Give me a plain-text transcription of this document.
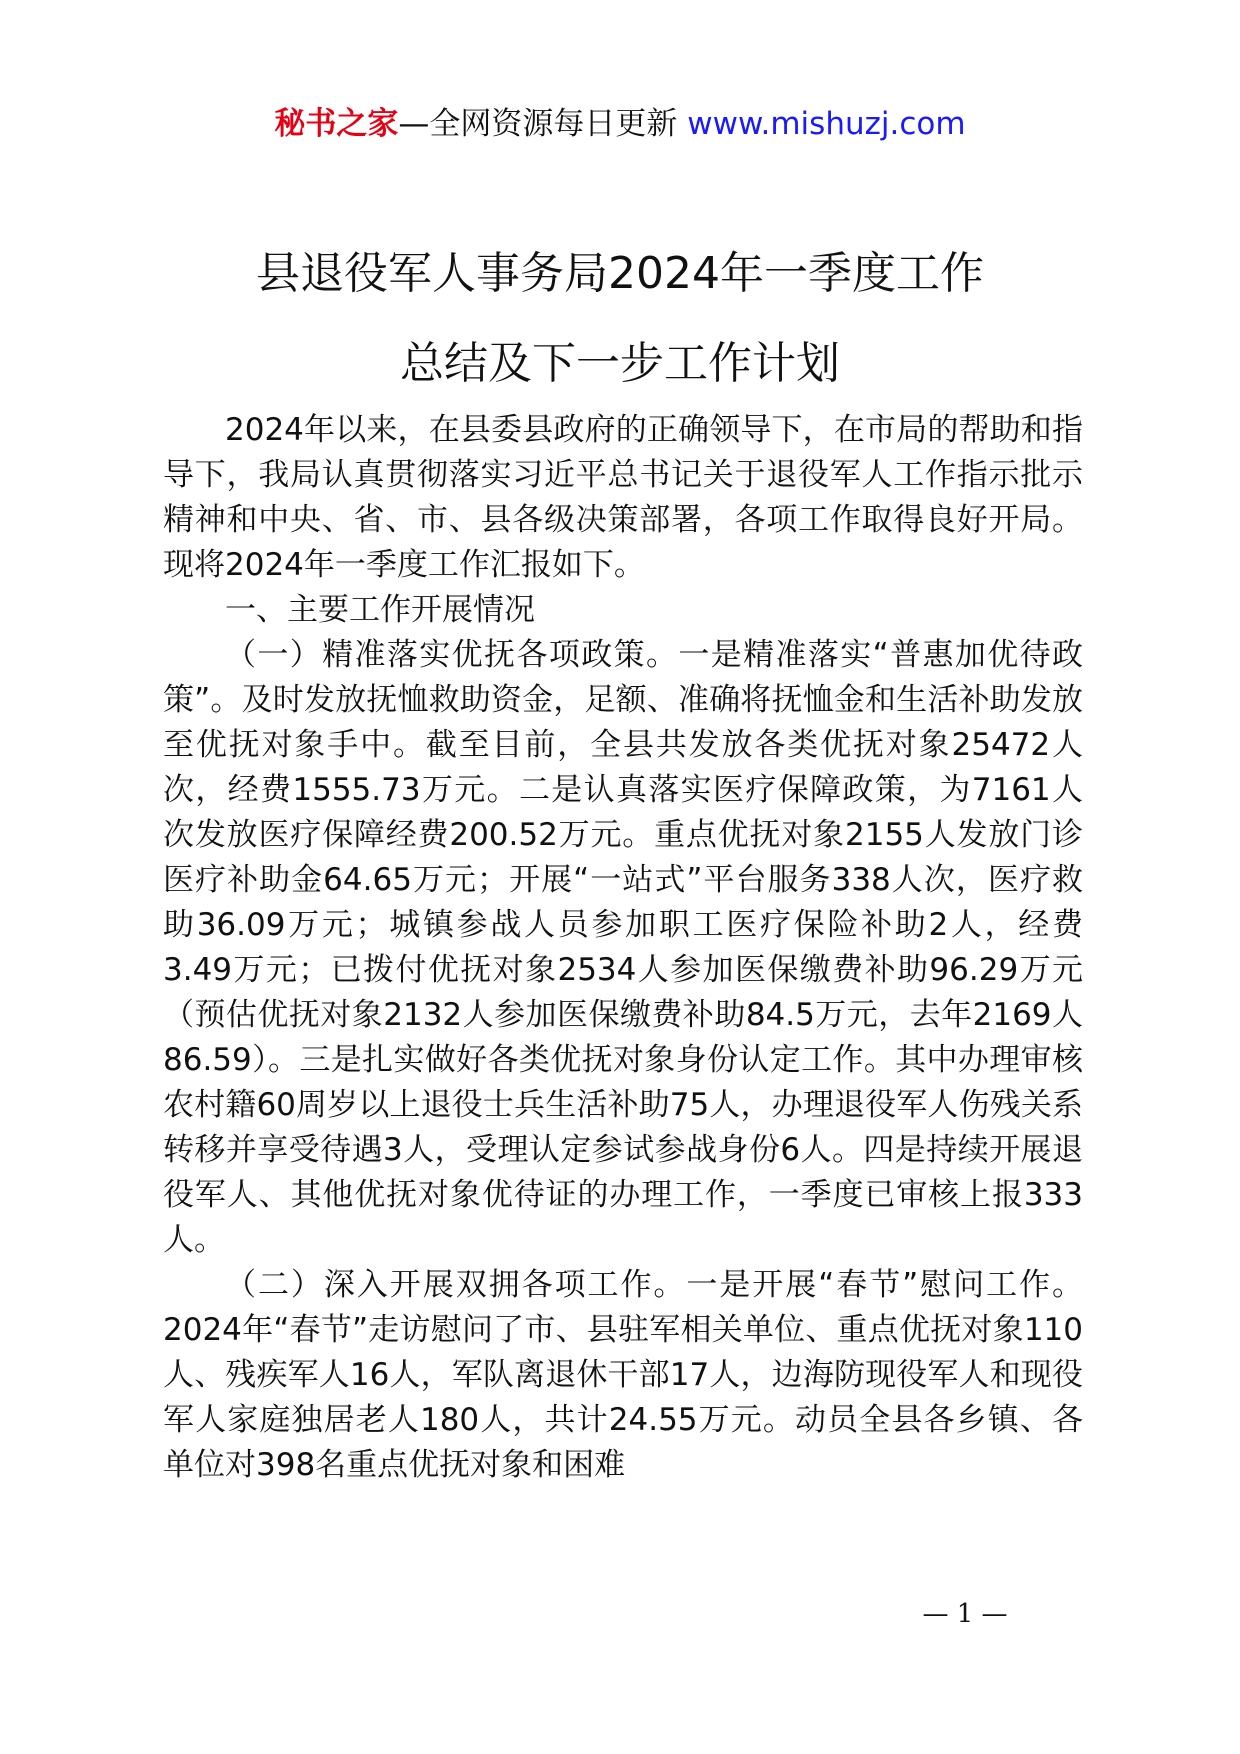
秘书之家—全网资源每日更新 www.mishuzj.com
县退役军人事务局2024年一季度工作
总结及下一步工作计划

2024年以来，在县委县政府的正确领导下，在市局的帮助和指导下，我局认真贯彻落实习近平总书记关于退役军人工作指示批示精神和中央、省、市、县各级决策部署，各项工作取得良好开局。现将2024年一季度工作汇报如下。

一、主要工作开展情况

（一）精准落实优抚各项政策。一是精准落实“普惠加优待政策”。及时发放抚恤救助资金，足额、准确将抚恤金和生活补助发放至优抚对象手中。截至目前，全县共发放各类优抚对象25472人次，经费1555.73万元。二是认真落实医疗保障政策，为7161人次发放医疗保障经费200.52万元。重点优抚对象2155人发放门诊医疗补助金64.65万元；开展“一站式”平台服务338人次，医疗救助36.09万元；城镇参战人员参加职工医疗保险补助2人，经费3.49万元；已拨付优抚对象2534人参加医保缴费补助96.29万元（预估优抚对象2132人参加医保缴费补助84.5万元，去年2169人86.59）。三是扎实做好各类优抚对象身份认定工作。其中办理审核农村籍60周岁以上退役士兵生活补助75人，办理退役军人伤残关系转移并享受待遇3人，受理认定参试参战身份6人。四是持续开展退役军人、其他优抚对象优待证的办理工作，一季度已审核上报333人。

（二）深入开展双拥各项工作。一是开展“春节”慰问工作。2024年“春节”走访慰问了市、县驻军相关单位、重点优抚对象110人、残疾军人16人，军队离退休干部17人，边海防现役军人和现役军人家庭独居老人180人，共计24.55万元。动员全县各乡镇、各单位对398名重点优抚对象和困难

— 1 —
